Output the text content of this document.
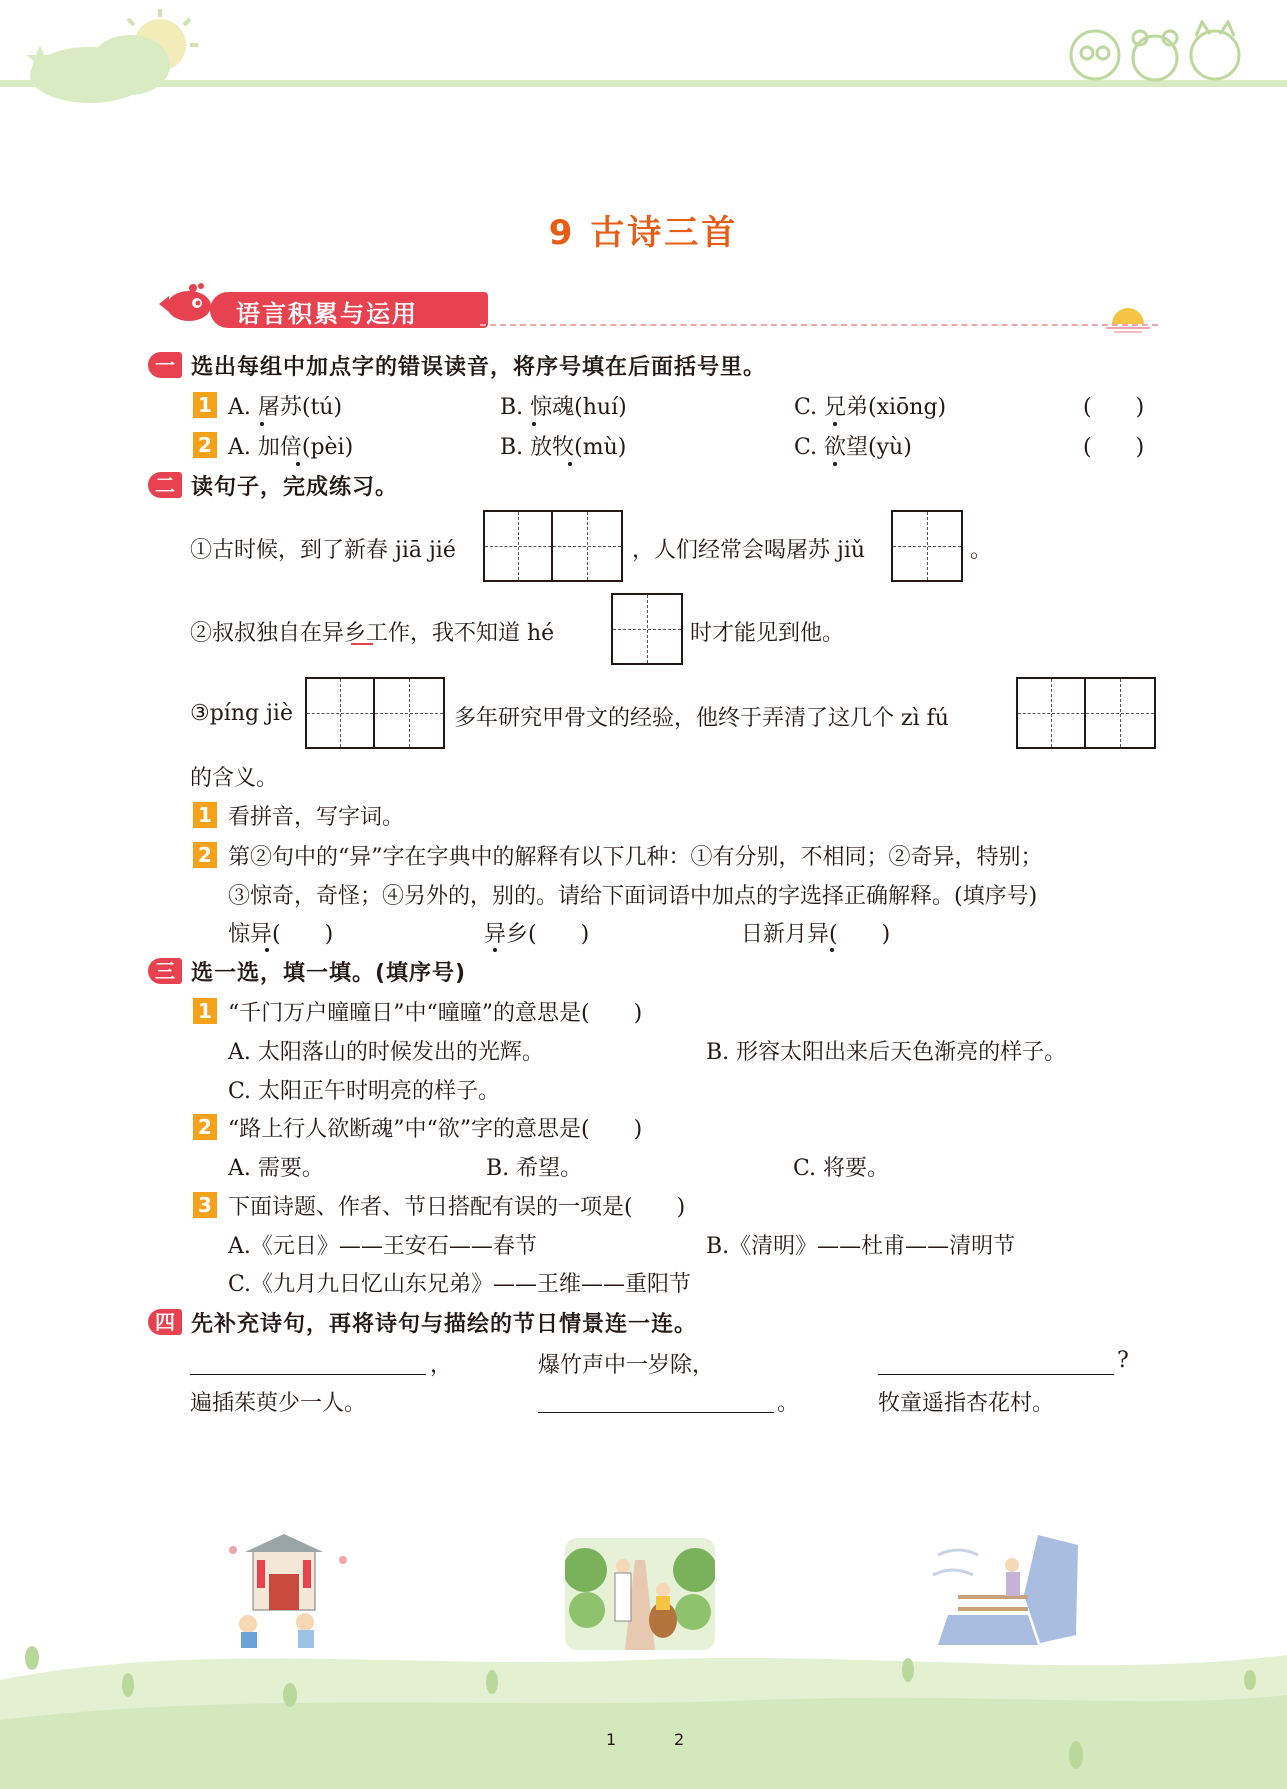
9 古诗三首
语言积累与运用
一 选出每组中加点字的错误读音，将序号填在后面括号里。
1 A. 屠苏(tú)	B. 惊魂(huí)	C. 兄弟(xiōng)	(　　)
2 A. 加倍(pèi)	B. 放牧(mù)	C. 欲望(yù)	(　　)
二 读句子，完成练习。
①古时候，到了新春 jiā jié	，人们经常会喝屠苏 jiǔ	。
②叔叔独自在异乡工作，我不知道 hé	时才能见到他。
③píng jiè	多年研究甲骨文的经验，他终于弄清了这几个 zì fú
的含义。
1 看拼音，写字词。
2 第②句中的“异”字在字典中的解释有以下几种：①有分别，不相同；②奇异，特别；
③惊奇，奇怪；④另外的，别的。请给下面词语中加点的字选择正确解释。(填序号)
惊异(　　)	异乡(　　)	日新月异(　　)
三 选一选，填一填。(填序号)
1 “千门万户曈曈日”中“曈曈”的意思是(　　)
A. 太阳落山的时候发出的光辉。	B. 形容太阳出来后天色渐亮的样子。
C. 太阳正午时明亮的样子。
2 “路上行人欲断魂”中“欲”字的意思是(　　)
A. 需要。	B. 希望。	C. 将要。
3 下面诗题、作者、节日搭配有误的一项是(　　)
A.《元日》——王安石——春节	B.《清明》——杜甫——清明节
C.《九月九日忆山东兄弟》——王维——重阳节
四 先补充诗句，再将诗句与描绘的节日情景连一连。
，
遍插茱萸少一人。
爆竹声中一岁除，
。
?
牧童遥指杏花村。
1	2
